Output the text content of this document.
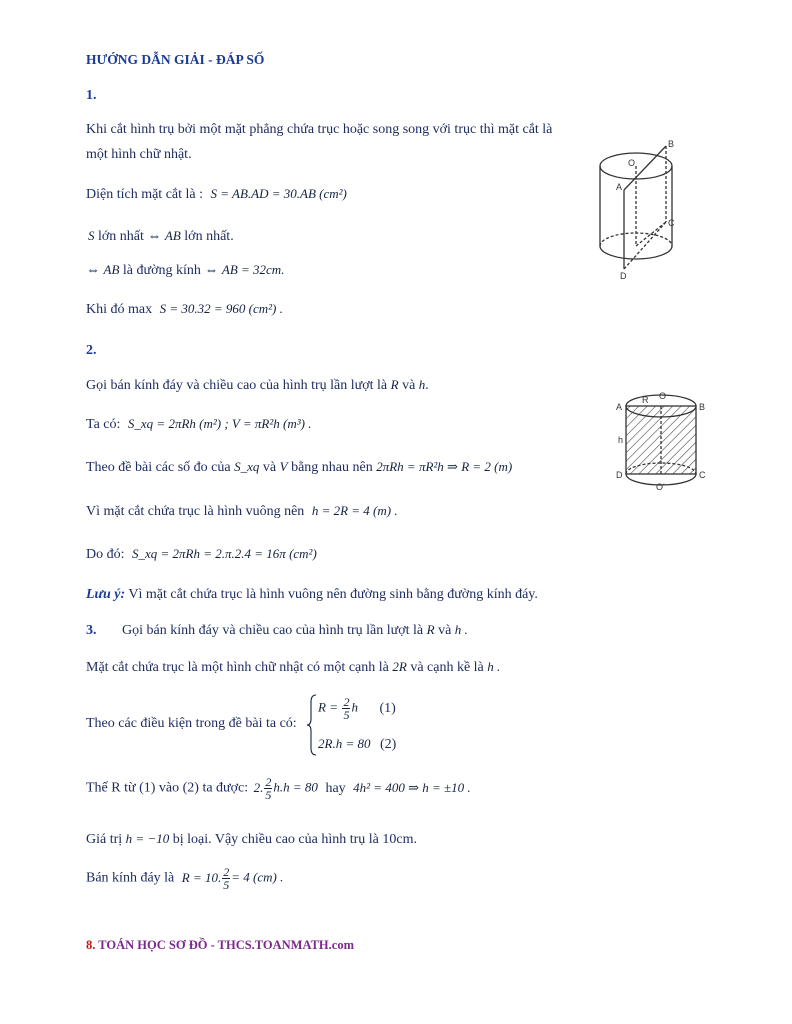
HƯỚNG DẪN GIẢI - ĐÁP SỐ
1.
Khi cắt hình trụ bởi một mặt phẳng chứa trục hoặc song song với trục thì mặt cắt là
một hình chữ nhật.
Diện tích mặt cắt là : S = AB.AD = 30.AB (cm²)
S lớn nhất ⇔ AB lớn nhất.
⇔ AB là đường kính ⇔ AB = 32cm.
Khi đó max S = 30.32 = 960 (cm²) .
B
O
A
C
D
2.
Gọi bán kính đáy và chiều cao của hình trụ lần lượt là R và h.
Ta có: S_xq = 2πRh (m²) ; V = πR²h (m³) .
Theo đề bài các số đo của S_xq và V bằng nhau nên 2πRh = πR²h ⇒ R = 2 (m)
Vì mặt cắt chứa trục là hình vuông nên h = 2R = 4 (m) .
Do đó: S_xq = 2πRh = 2.π.2.4 = 16π (cm²)
Lưu ý: Vì mặt cắt chứa trục là hình vuông nên đường sinh bằng đường kính đáy.
A
R O
B
h
D
O'
C
3. Gọi bán kính đáy và chiều cao của hình trụ lần lượt là R và h .
Mặt cắt chứa trục là một hình chữ nhật có một cạnh là 2R và cạnh kề là h .
Theo các điều kiện trong đề bài ta có:
$R = \frac{2}{5}$ h (1)
2R.h = 80 (2)
Thế R từ (1) vào (2) ta được: 2. $\frac{2}{5} h.h = 80$ hay 4h² = 400 ⇒ h = ±10 .
Giá trị h = −10 bị loại. Vậy chiều cao của hình trụ là 10cm.
Bán kính đáy là R = 10. $\frac{2}{5} = 4$ (cm) .
8. TOÁN HỌC SƠ ĐỒ - THCS.TOANMATH.com
